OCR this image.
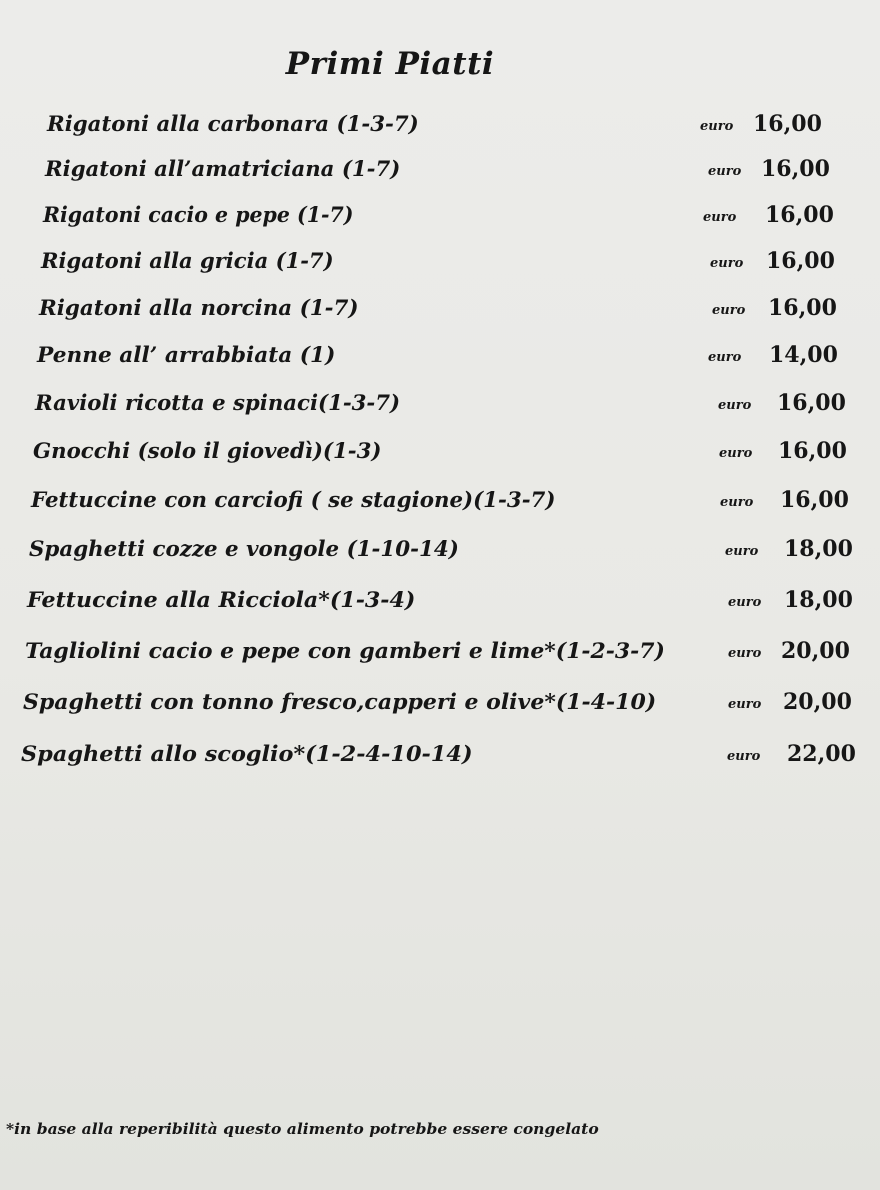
Primi Piatti
Rigatoni alla carbonara (1-3-7)	euro 16,00
Rigatoni all’amatriciana (1-7)	euro 16,00
Rigatoni cacio e pepe (1-7)	euro 16,00
Rigatoni alla gricia (1-7)	euro 16,00
Rigatoni alla norcina (1-7)	euro 16,00
Penne all’ arrabbiata (1)	euro 14,00
Ravioli ricotta e spinaci(1-3-7)	euro 16,00
Gnocchi (solo il giovedì)(1-3)	euro 16,00
Fettuccine con carciofi ( se stagione)(1-3-7)	euro 16,00
Spaghetti cozze e vongole (1-10-14)	euro 18,00
Fettuccine alla Ricciola*(1-3-4)	euro 18,00
Tagliolini cacio e pepe con gamberi e lime*(1-2-3-7)	euro 20,00
Spaghetti con tonno fresco,capperi e olive*(1-4-10)	euro 20,00
Spaghetti allo scoglio*(1-2-4-10-14)	euro 22,00
*in base alla reperibilità questo alimento potrebbe essere congelato
